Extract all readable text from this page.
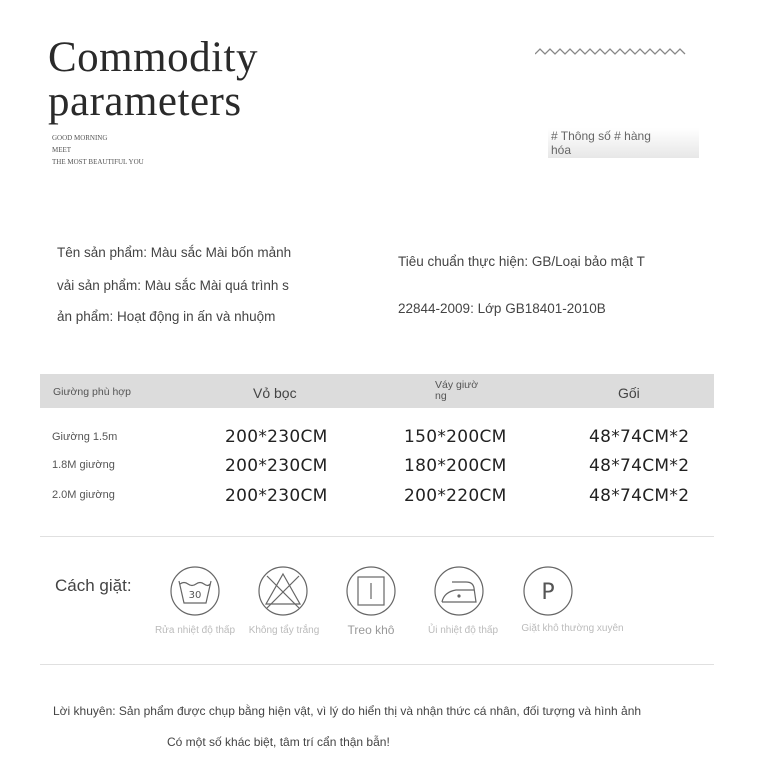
Commodity
parameters
GOOD MORNING
MEET
THE MOST BEAUTIFUL YOU
# Thông số # hàng
hóa
Tên sản phẩm: Màu sắc Mài bốn mảnh
vải sản phẩm: Màu sắc Mài quá trình s
ản phẩm: Hoạt động in ấn và nhuộm
Tiêu chuẩn thực hiện: GB/Loại bảo mật T
22844-2009: Lớp GB18401-2010B
Giường phù hợp	Vỏ bọc	Váy giườ
ng	Gối
Giường 1.5m	200*230CM	150*200CM	48*74CM*2
1.8M giường	200*230CM	180*200CM	48*74CM*2
2.0M giường	200*230CM	200*220CM	48*74CM*2
Cách giặt:
30
Rửa nhiệt độ thấp	Không tẩy trắng	Treo khô	Ủi nhiệt độ thấp
P
Giặt khô thường xuyên
Lời khuyên: Sản phẩm được chụp bằng hiện vật, vì lý do hiển thị và nhận thức cá nhân, đối tượng và hình ảnh
Có một số khác biệt, tâm trí cẩn thận bẫn!
